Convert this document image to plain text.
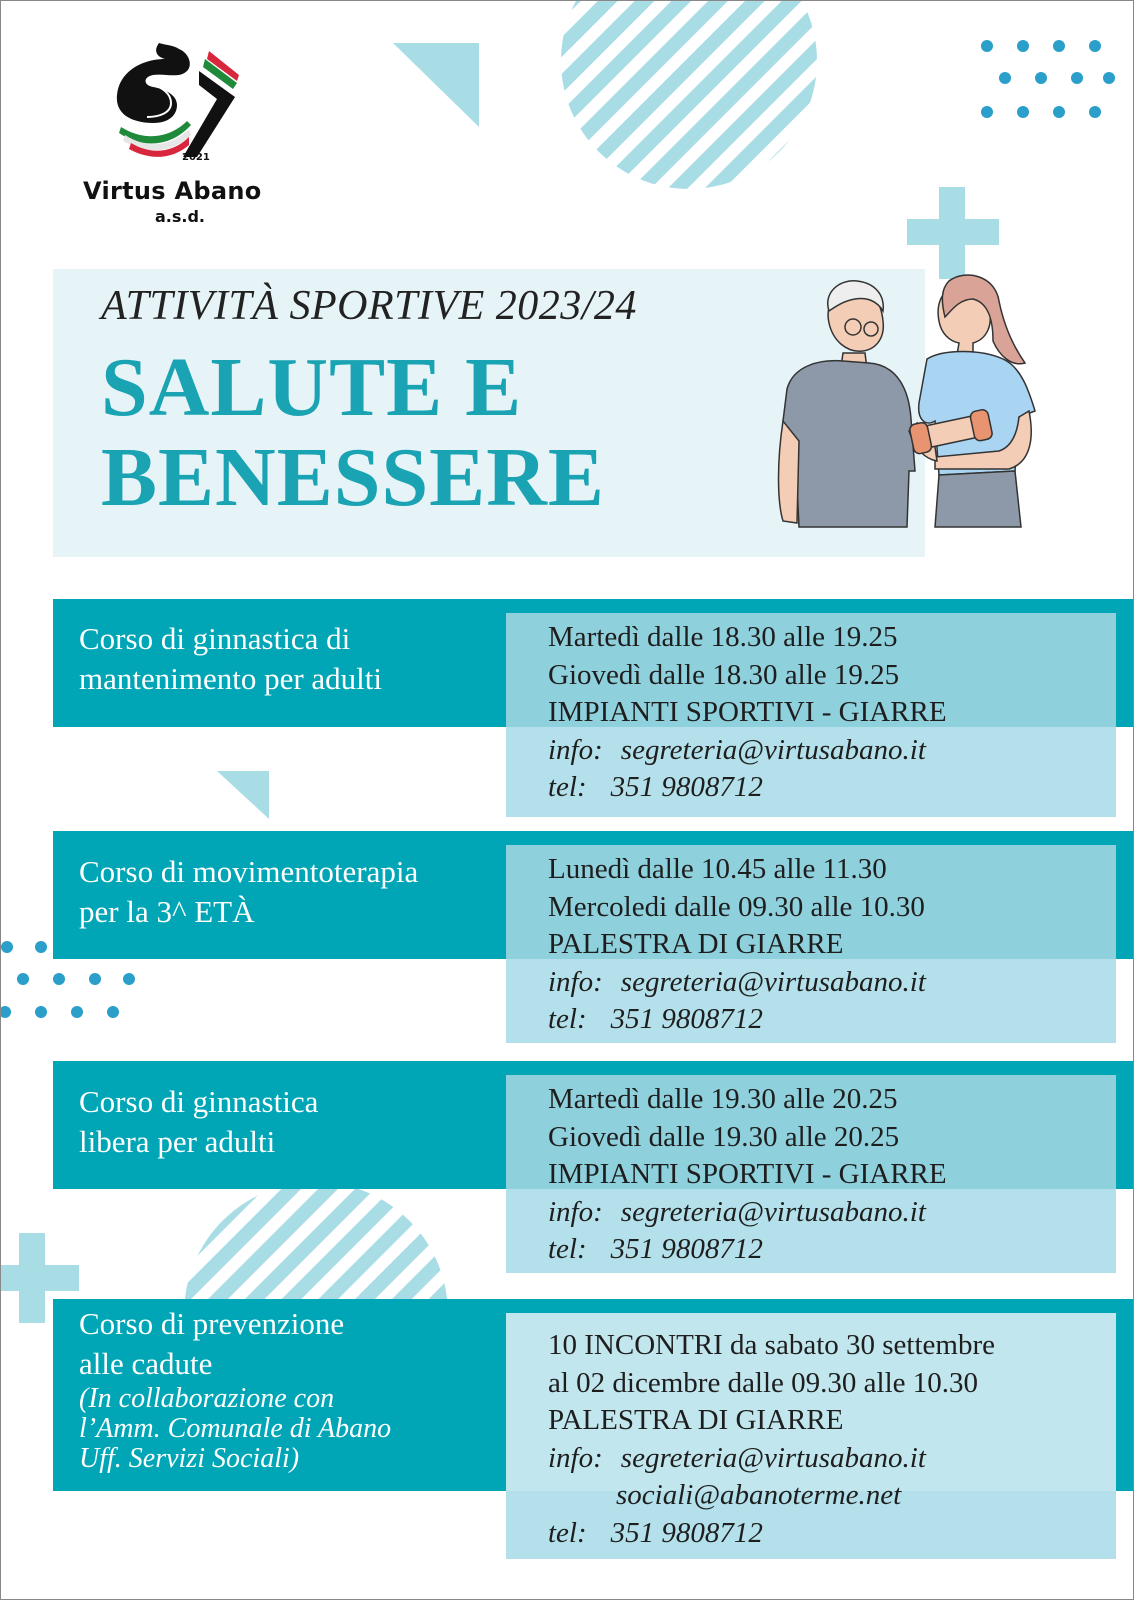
2021
Virtus Abano
a.s.d.
ATTIVITÀ SPORTIVE 2023/24
SALUTE E
BENESSERE
Corso di ginnastica di
mantenimento per adulti
Martedì dalle 18.30 alle 19.25
Giovedì dalle 18.30 alle 19.25
IMPIANTI SPORTIVI - GIARRE
info: segreteria@virtusabano.it
tel: 351 9808712
Corso di movimentoterapia
per la 3^ ETÀ
Lunedì dalle 10.45 alle 11.30
Mercoledi dalle 09.30 alle 10.30
PALESTRA DI GIARRE
info: segreteria@virtusabano.it
tel: 351 9808712
Corso di ginnastica
libera per adulti
Martedì dalle 19.30 alle 20.25
Giovedì dalle 19.30 alle 20.25
IMPIANTI SPORTIVI - GIARRE
info: segreteria@virtusabano.it
tel: 351 9808712
Corso di prevenzione
alle cadute
(In collaborazione con
l’Amm. Comunale di Abano
Uff. Servizi Sociali)
10 INCONTRI da sabato 30 settembre
al 02 dicembre dalle 09.30 alle 10.30
PALESTRA DI GIARRE
info: segreteria@virtusabano.it
sociali@abanoterme.net
tel: 351 9808712
